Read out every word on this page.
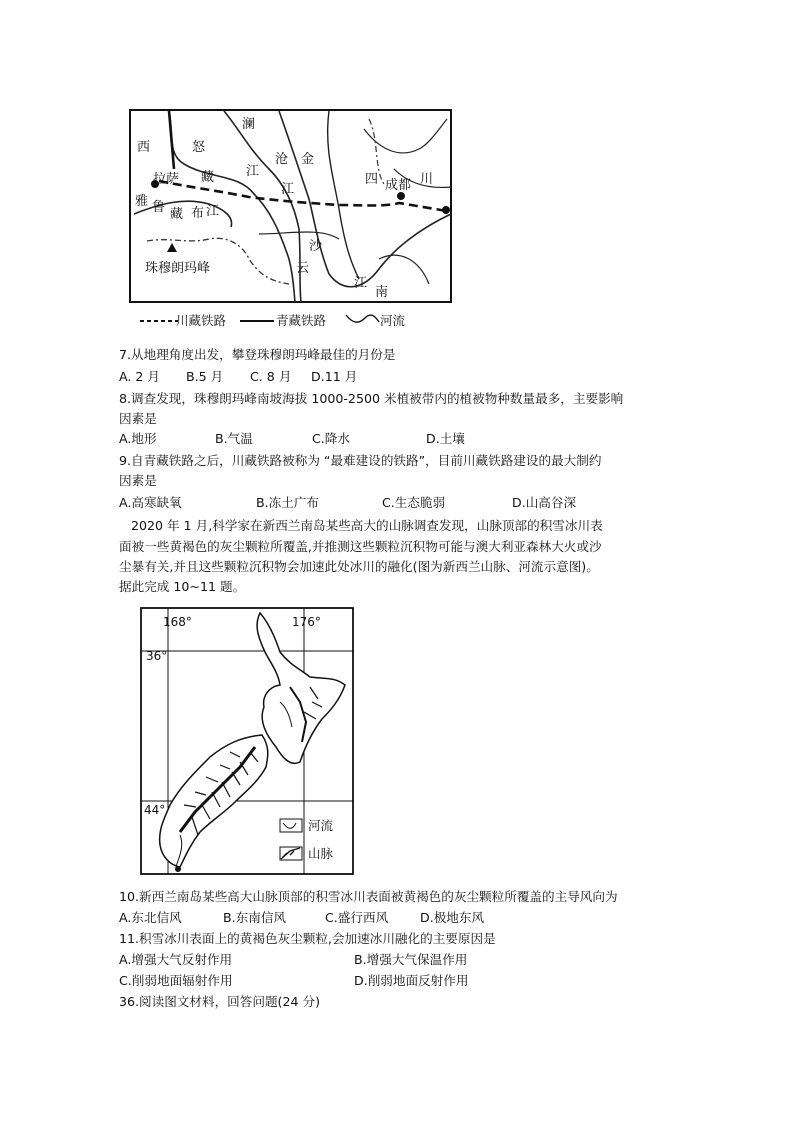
西	怒
澜
江
沧 金
江
四 成都 川
拉萨 藏
雅 鲁 藏 布 江
沙
云
江
南
珠穆朗玛峰
川藏铁路	青藏铁路	河流
7.从地理角度出发，攀登珠穆朗玛峰最佳的月份是
A. 2 月 B.5 月 C. 8 月 D.11 月
8.调查发现，珠穆朗玛峰南坡海拔 1000-2500 米植被带内的植被物种数量最多，主要影响
因素是
A.地形	B.气温	C.降水	D.土壤
9.自青藏铁路之后，川藏铁路被称为 “最难建设的铁路”，目前川藏铁路建设的最大制约
因素是
A.高寒缺氧	B.冻土广布	C.生态脆弱	D.山高谷深
2020 年 1 月,科学家在新西兰南岛某些高大的山脉调查发现，山脉顶部的积雪冰川表
面被一些黄褐色的灰尘颗粒所覆盖,并推测这些颗粒沉积物可能与澳大利亚森林大火或沙
尘暴有关,并且这些颗粒沉积物会加速此处冰川的融化(图为新西兰山脉、河流示意图)。
据此完成 10~11 题。
168°	176°
36°
44°
河流
山脉
10.新西兰南岛某些高大山脉顶部的积雪冰川表面被黄褐色的灰尘颗粒所覆盖的主导风向为
A.东北信风	B.东南信风	C.盛行西风	D.极地东风
11.积雪冰川表面上的黄褐色灰尘颗粒,会加速冰川融化的主要原因是
A.增强大气反射作用	B.增强大气保温作用
C.削弱地面辐射作用	D.削弱地面反射作用
36.阅读图文材料，回答问题(24 分)
